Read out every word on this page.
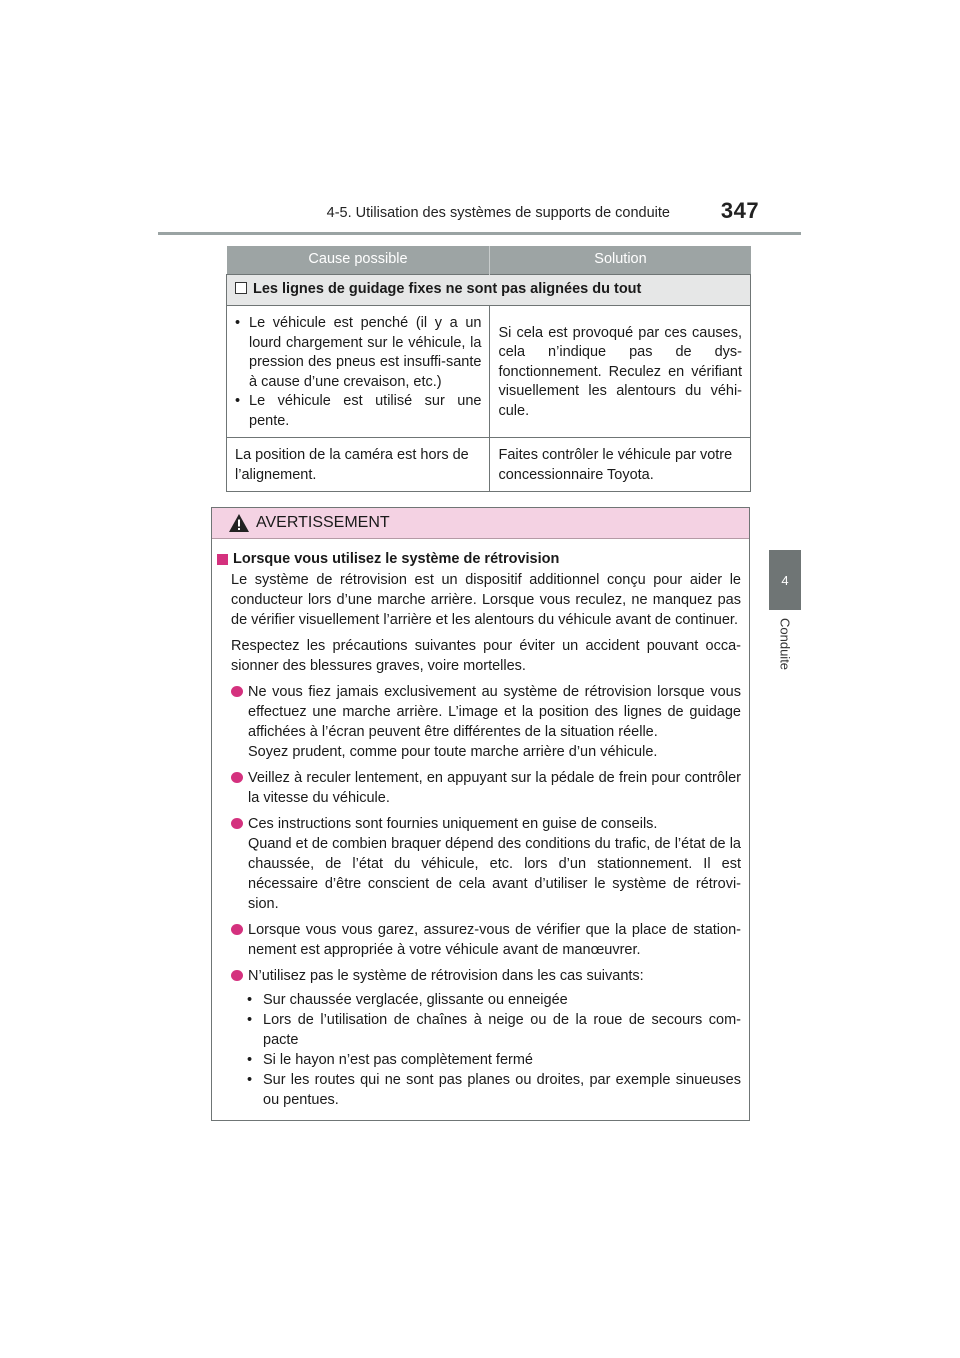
4-5. Utilisation des systèmes de supports de conduite	347
4
Conduite
Cause possible	Solution
Les lignes de guidage fixes ne sont pas alignées du tout	

• Le véhicule est penché (il y a un lourd chargement sur le véhicule, la pression des pneus est insuffi-sante à cause d’une crevaison, etc.)
• Le véhicule est utilisé sur une pente.	Si cela est provoqué par ces causes, cela n’indique pas de dys-fonctionnement. Reculez en vérifiant visuellement les alentours du véhi-cule.
La position de la caméra est hors de l’alignement.	Faites contrôler le véhicule par votre concessionnaire Toyota.
AVERTISSEMENT
Lorsque vous utilisez le système de rétrovision
Le système de rétrovision est un dispositif additionnel conçu pour aider le conducteur lors d’une marche arrière. Lorsque vous reculez, ne manquez pas de vérifier visuellement l’arrière et les alentours du véhicule avant de continuer.
Respectez les précautions suivantes pour éviter un accident pouvant occa-sionner des blessures graves, voire mortelles.
Ne vous fiez jamais exclusivement au système de rétrovision lorsque vous effectuez une marche arrière. L’image et la position des lignes de guidage affichées à l’écran peuvent être différentes de la situation réelle.
Soyez prudent, comme pour toute marche arrière d’un véhicule.
Veillez à reculer lentement, en appuyant sur la pédale de frein pour contrôler la vitesse du véhicule.
Ces instructions sont fournies uniquement en guise de conseils.
Quand et de combien braquer dépend des conditions du trafic, de l’état de la chaussée, de l’état du véhicule, etc. lors d’un stationnement. Il est nécessaire d’être conscient de cela avant d’utiliser le système de rétrovi-sion.
Lorsque vous vous garez, assurez-vous de vérifier que la place de station-nement est appropriée à votre véhicule avant de manœuvrer.
N’utilisez pas le système de rétrovision dans les cas suivants:
• Sur chaussée verglacée, glissante ou enneigée
• Lors de l’utilisation de chaînes à neige ou de la roue de secours com-pacte
• Si le hayon n’est pas complètement fermé
• Sur les routes qui ne sont pas planes ou droites, par exemple sinueuses ou pentues.
